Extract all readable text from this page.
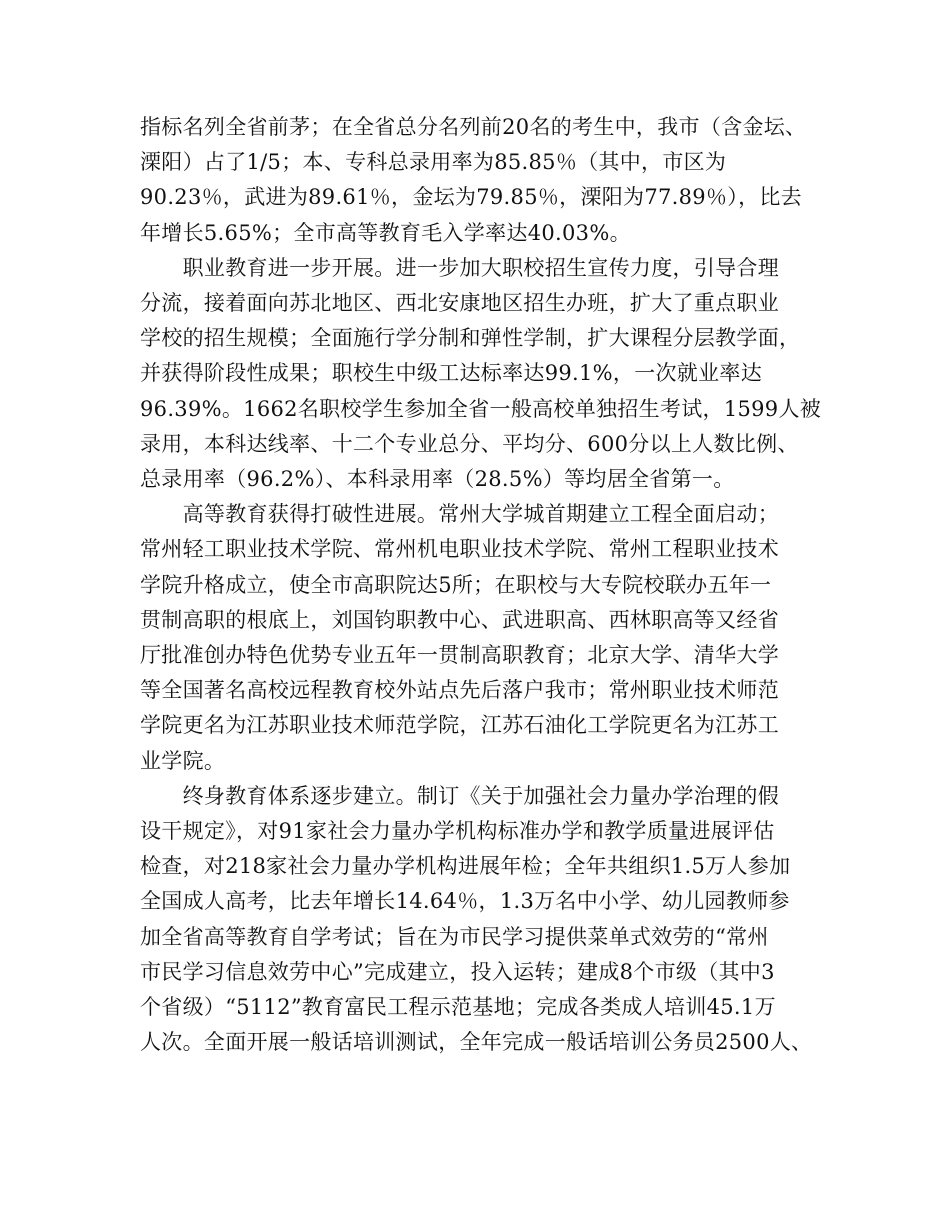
指标名列全省前茅；在全省总分名列前20名的考生中，我市（含金坛、
溧阳）占了1/5；本、专科总录用率为85.85％（其中，市区为
90.23％，武进为89.61％，金坛为79.85％，溧阳为77.89％），比去
年增长5.65%；全市高等教育毛入学率达40.03%。

　　职业教育进一步开展。进一步加大职校招生宣传力度，引导合理
分流，接着面向苏北地区、西北安康地区招生办班，扩大了重点职业
学校的招生规模；全面施行学分制和弹性学制，扩大课程分层教学面，
并获得阶段性成果；职校生中级工达标率达99.1%，一次就业率达
96.39%。1662名职校学生参加全省一般高校单独招生考试，1599人被
录用，本科达线率、十二个专业总分、平均分、600分以上人数比例、
总录用率（96.2%）、本科录用率（28.5%）等均居全省第一。

　　高等教育获得打破性进展。常州大学城首期建立工程全面启动；
常州轻工职业技术学院、常州机电职业技术学院、常州工程职业技术
学院升格成立，使全市高职院达5所；在职校与大专院校联办五年一
贯制高职的根底上，刘国钧职教中心、武进职高、西林职高等又经省
厅批准创办特色优势专业五年一贯制高职教育；北京大学、清华大学
等全国著名高校远程教育校外站点先后落户我市；常州职业技术师范
学院更名为江苏职业技术师范学院，江苏石油化工学院更名为江苏工
业学院。

　　终身教育体系逐步建立。制订《关于加强社会力量办学治理的假
设干规定》，对91家社会力量办学机构标准办学和教学质量进展评估
检查，对218家社会力量办学机构进展年检；全年共组织1.5万人参加
全国成人高考，比去年增长14.64％，1.3万名中小学、幼儿园教师参
加全省高等教育自学考试；旨在为市民学习提供菜单式效劳的“常州
市民学习信息效劳中心”完成建立，投入运转；建成8个市级（其中3
个省级）“5112”教育富民工程示范基地；完成各类成人培训45.1万
人次。全面开展一般话培训测试，全年完成一般话培训公务员2500人、
